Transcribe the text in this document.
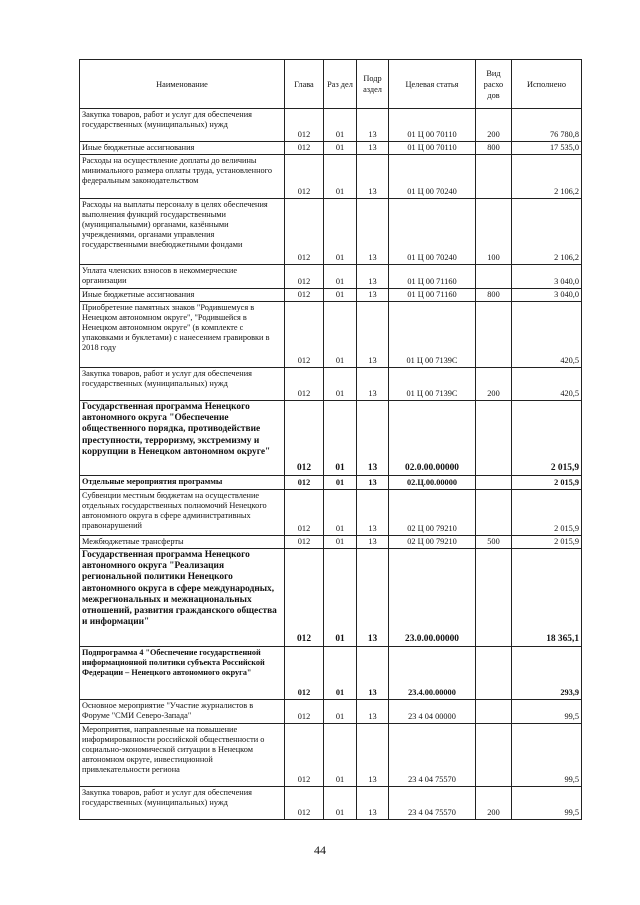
Наименование	Глава	Раз дел	Подр аздел	Целевая статья	Вид расхо дов	Исполнено
Закупка товаров, работ и услуг для обеспечения государственных (муниципальных) нужд	012	01	13	01 Ц 00 70110	200	76 780,8
Иные бюджетные ассигнования	012	01	13	01 Ц 00 70110	800	17 535,0
Расходы на осуществление доплаты до величины минимального размера оплаты труда, установленного федеральным законодательством	012	01	13	01 Ц 00 70240		2 106,2
Расходы на выплаты персоналу в целях обеспечения выполнения функций государственными (муниципальными) органами, казёнными учреждениями, органами управления государственными внебюджетными фондами	012	01	13	01 Ц 00 70240	100	2 106,2
Уплата членских взносов в некоммерческие организации	012	01	13	01 Ц 00 71160		3 040,0
Иные бюджетные ассигнования	012	01	13	01 Ц 00 71160	800	3 040,0
Приобретение памятных знаков "Родившемуся в Ненецком автономном округе", "Родившейся в Ненецком автономном округе" (в комплекте с упаковками и буклетами) с нанесением гравировки в 2018 году	012	01	13	01 Ц 00 7139С		420,5
Закупка товаров, работ и услуг для обеспечения государственных (муниципальных) нужд	012	01	13	01 Ц 00 7139С	200	420,5
Государственная программа Ненецкого автономного округа "Обеспечение общественного порядка, противодействие преступности, терроризму, экстремизму и коррупции в Ненецком автономном округе"	012	01	13	02.0.00.00000		2 015,9
Отдельные мероприятия программы	012	01	13	02.Ц.00.00000		2 015,9
Субвенции местным бюджетам на осуществление отдельных государственных полномочий Ненецкого автономного округа в сфере административных правонарушений	012	01	13	02 Ц 00 79210		2 015,9
Межбюджетные трансферты	012	01	13	02 Ц 00 79210	500	2 015,9
Государственная программа Ненецкого автономного округа "Реализация региональной политики Ненецкого автономного округа в сфере международных, межрегиональных и межнациональных отношений, развития гражданского общества и информации"	012	01	13	23.0.00.00000		18 365,1
Подпрограмма 4 "Обеспечение государственной информационной политики субъекта Российской Федерации – Ненецкого автономного округа"	012	01	13	23.4.00.00000		293,9
Основное мероприятие "Участие журналистов в Форуме "СМИ Северо-Запада"	012	01	13	23 4 04 00000		99,5
Мероприятия, направленные на повышение информированности российской общественности о социально-экономической ситуации в Ненецком автономном округе, инвестиционной привлекательности региона	012	01	13	23 4 04 75570		99,5
Закупка товаров, работ и услуг для обеспечения государственных (муниципальных) нужд	012	01	13	23 4 04 75570	200	99,5
44
